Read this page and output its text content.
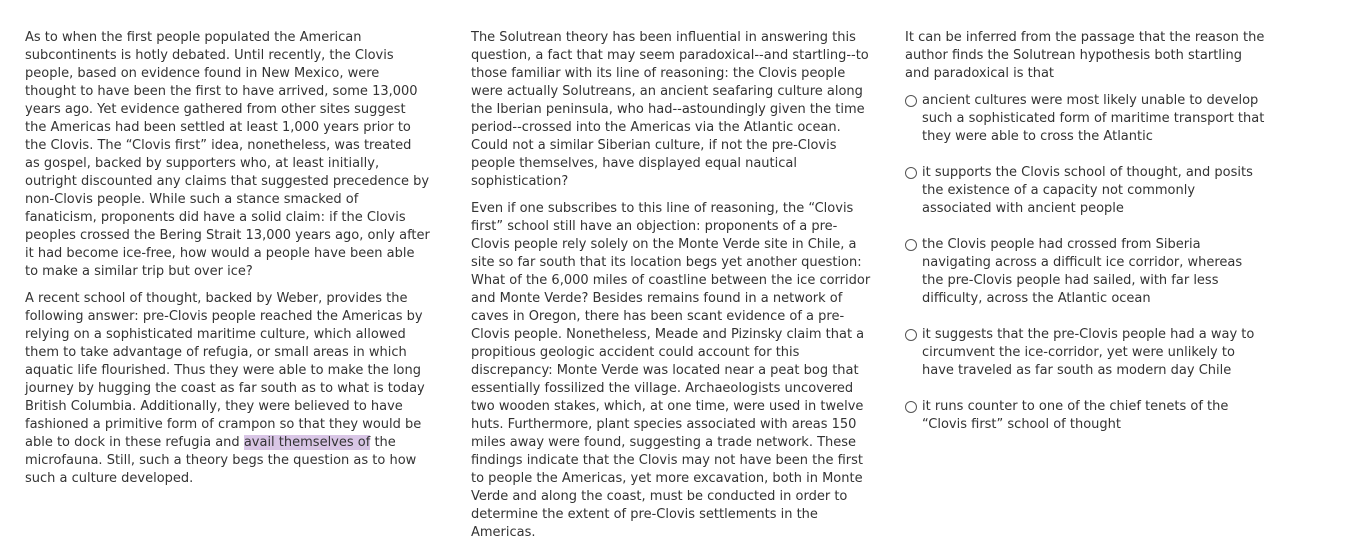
As to when the first people populated the American subcontinents is hotly debated. Until recently, the Clovis people, based on evidence found in New Mexico, were thought to have been the first to have arrived, some 13,000 years ago. Yet evidence gathered from other sites suggest the Americas had been settled at least 1,000 years prior to the Clovis. The “Clovis first” idea, nonetheless, was treated as gospel, backed by supporters who, at least initially, outright discounted any claims that suggested precedence by non-Clovis people. While such a stance smacked of fanaticism, proponents did have a solid claim: if the Clovis peoples crossed the Bering Strait 13,000 years ago, only after it had become ice-free, how would a people have been able to make a similar trip but over ice?

A recent school of thought, backed by Weber, provides the following answer: pre-Clovis people reached the Americas by relying on a sophisticated maritime culture, which allowed them to take advantage of refugia, or small areas in which aquatic life flourished. Thus they were able to make the long journey by hugging the coast as far south as to what is today British Columbia. Additionally, they were believed to have fashioned a primitive form of crampon so that they would be able to dock in these refugia and avail themselves of the microfauna. Still, such a theory begs the question as to how such a culture developed.

The Solutrean theory has been influential in answering this question, a fact that may seem paradoxical--and startling--to those familiar with its line of reasoning: the Clovis people were actually Solutreans, an ancient seafaring culture along the Iberian peninsula, who had--astoundingly given the time period--crossed into the Americas via the Atlantic ocean. Could not a similar Siberian culture, if not the pre-Clovis people themselves, have displayed equal nautical sophistication?

Even if one subscribes to this line of reasoning, the “Clovis first” school still have an objection: proponents of a pre-Clovis people rely solely on the Monte Verde site in Chile, a site so far south that its location begs yet another question: What of the 6,000 miles of coastline between the ice corridor and Monte Verde? Besides remains found in a network of caves in Oregon, there has been scant evidence of a pre-Clovis people. Nonetheless, Meade and Pizinsky claim that a propitious geologic accident could account for this discrepancy: Monte Verde was located near a peat bog that essentially fossilized the village. Archaeologists uncovered two wooden stakes, which, at one time, were used in twelve huts. Furthermore, plant species associated with areas 150 miles away were found, suggesting a trade network. These findings indicate that the Clovis may not have been the first to people the Americas, yet more excavation, both in Monte Verde and along the coast, must be conducted in order to determine the extent of pre-Clovis settlements in the Americas.

It can be inferred from the passage that the reason the author finds the Solutrean hypothesis both startling and paradoxical is that
ancient cultures were most likely unable to develop such a sophisticated form of maritime transport that they were able to cross the Atlantic
it supports the Clovis school of thought, and posits the existence of a capacity not commonly associated with ancient people
the Clovis people had crossed from Siberia navigating across a difficult ice corridor, whereas the pre-Clovis people had sailed, with far less difficulty, across the Atlantic ocean
it suggests that the pre-Clovis people had a way to circumvent the ice-corridor, yet were unlikely to have traveled as far south as modern day Chile
it runs counter to one of the chief tenets of the “Clovis first” school of thought
